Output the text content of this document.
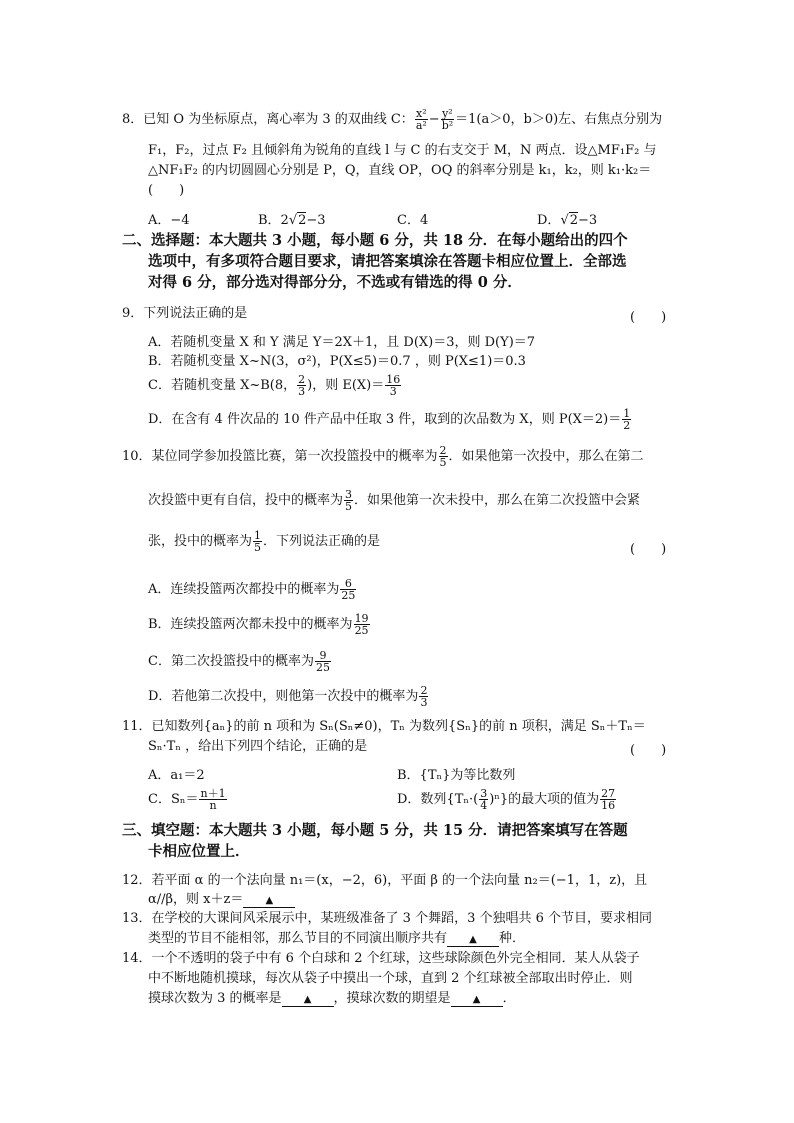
8．已知 O 为坐标原点，离心率为 3 的双曲线 C： $\frac{\text{x²}}{\text{a²}} - \frac{\text{y²}}{\text{b²}} =1(a>0$，b＞0)左、右焦点分别为
F₁，F₂，过点 F₂ 且倾斜角为锐角的直线 l 与 C 的右支交于 M，N 两点．设△MF₁F₂ 与
△NF₁F₂ 的内切圆圆心分别是 P，Q，直线 OP，OQ 的斜率分别是 k₁，k₂，则 k₁·k₂＝
(　　)
A．−4	B．2√2−3	C．4	D．√2−3
二、选择题：本大题共 3 小题，每小题 6 分，共 18 分．在每小题给出的四个
选项中，有多项符合题目要求，请把答案填涂在答题卡相应位置上．全部选
对得 6 分，部分选对得部分分，不选或有错选的得 0 分．
9．下列说法正确的是	(　　)
A．若随机变量 X 和 Y 满足 Y＝2X＋1，且 D(X)＝3，则 D(Y)＝7
B．若随机变量 X~N(3，σ²)，P(X≤5)＝0.7 ，则 P(X≤1)＝0.3
C．若随机变量 X~B(8， $\frac{2}{3}$ )，则 $E(X)= \frac{16}{3}$
D．在含有 4 件次品的 10 件产品中任取 3 件，取到的次品数为 X，则 $P(X=2)= \frac{1}{2}$
10．某位同学参加投篮比赛，第一次投篮投中的概率为 $\frac{2}{5}$ ．如果他第一次投中，那么在第二
次投篮中更有自信，投中的概率为 $\frac{3}{5}$ ．如果他第一次未投中，那么在第二次投篮中会紧
张，投中的概率为 $\frac{1}{5}$ ．下列说法正确的是
(　　)
A．连续投篮两次都投中的概率为 $\frac{6}{25}$
B．连续投篮两次都未投中的概率为 $\frac{19}{25}$
C．第二次投篮投中的概率为 $\frac{9}{25}$
D．若他第二次投中，则他第一次投中的概率为 $\frac{2}{3}$
11．已知数列{aₙ}的前 n 项和为 Sₙ(Sₙ≠0)，Tₙ 为数列{Sₙ}的前 n 项积，满足 Sₙ＋Tₙ＝
Sₙ·Tₙ ，给出下列四个结论，正确的是	(　　)
A．a₁＝2	B．{Tₙ}为等比数列
C．$S_n= \frac{n+1}{n}$	D．数列$\{T_n\cdot( \frac{3}{4} )^n\}$的最大项的值为 $\frac{27}{16}$
三、填空题：本大题共 3 小题，每小题 5 分，共 15 分．请把答案填写在答题
卡相应位置上．
12．若平面 α 的一个法向量 n₁＝(x，−2，6)，平面 β 的一个法向量 n₂＝(−1，1，z)，且
α//β，则 x＋z＝ ▲
13．在学校的大课间风采展示中，某班级准备了 3 个舞蹈，3 个独唱共 6 个节目，要求相同
类型的节目不能相邻，那么节目的不同演出顺序共有 ▲ 种．
14．一个不透明的袋子中有 6 个白球和 2 个红球，这些球除颜色外完全相同．某人从袋子
中不断地随机摸球，每次从袋子中摸出一个球，直到 2 个红球被全部取出时停止．则
摸球次数为 3 的概率是 ▲ ，摸球次数的期望是 ▲ ．
